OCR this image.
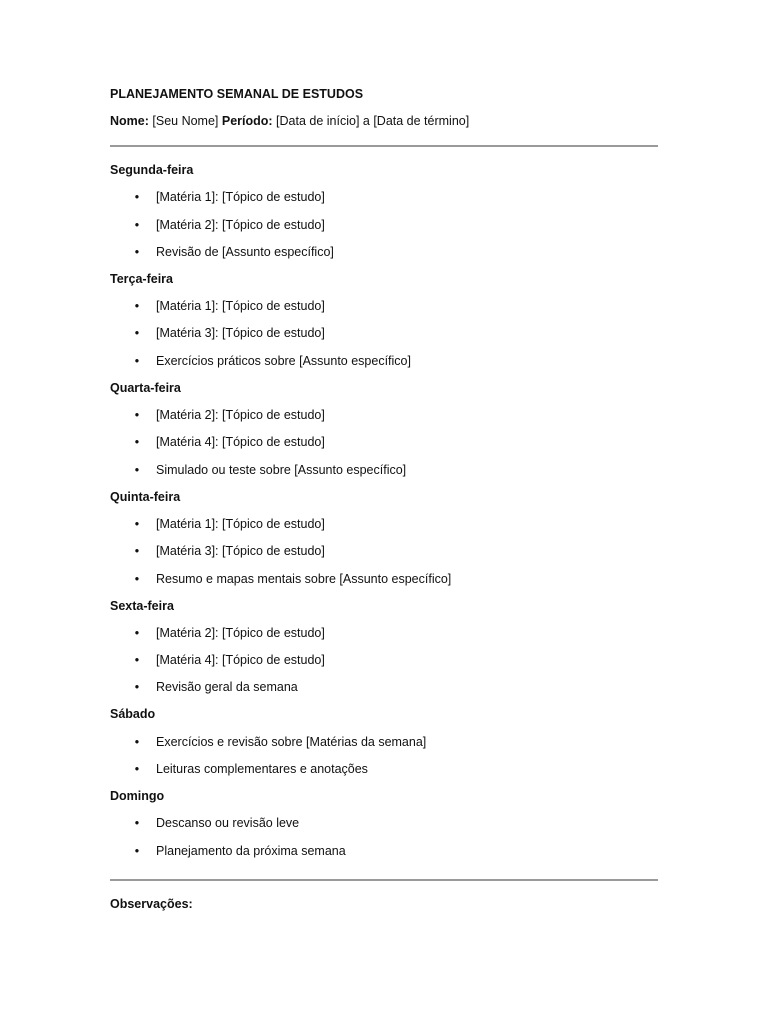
PLANEJAMENTO SEMANAL DE ESTUDOS
Nome: [Seu Nome] Período: [Data de início] a [Data de término]
Segunda-feira
• [Matéria 1]: [Tópico de estudo]
• [Matéria 2]: [Tópico de estudo]
• Revisão de [Assunto específico]
Terça-feira
• [Matéria 1]: [Tópico de estudo]
• [Matéria 3]: [Tópico de estudo]
• Exercícios práticos sobre [Assunto específico]
Quarta-feira
• [Matéria 2]: [Tópico de estudo]
• [Matéria 4]: [Tópico de estudo]
• Simulado ou teste sobre [Assunto específico]
Quinta-feira
• [Matéria 1]: [Tópico de estudo]
• [Matéria 3]: [Tópico de estudo]
• Resumo e mapas mentais sobre [Assunto específico]
Sexta-feira
• [Matéria 2]: [Tópico de estudo]
• [Matéria 4]: [Tópico de estudo]
• Revisão geral da semana
Sábado
• Exercícios e revisão sobre [Matérias da semana]
• Leituras complementares e anotações
Domingo
• Descanso ou revisão leve
• Planejamento da próxima semana
Observações:
